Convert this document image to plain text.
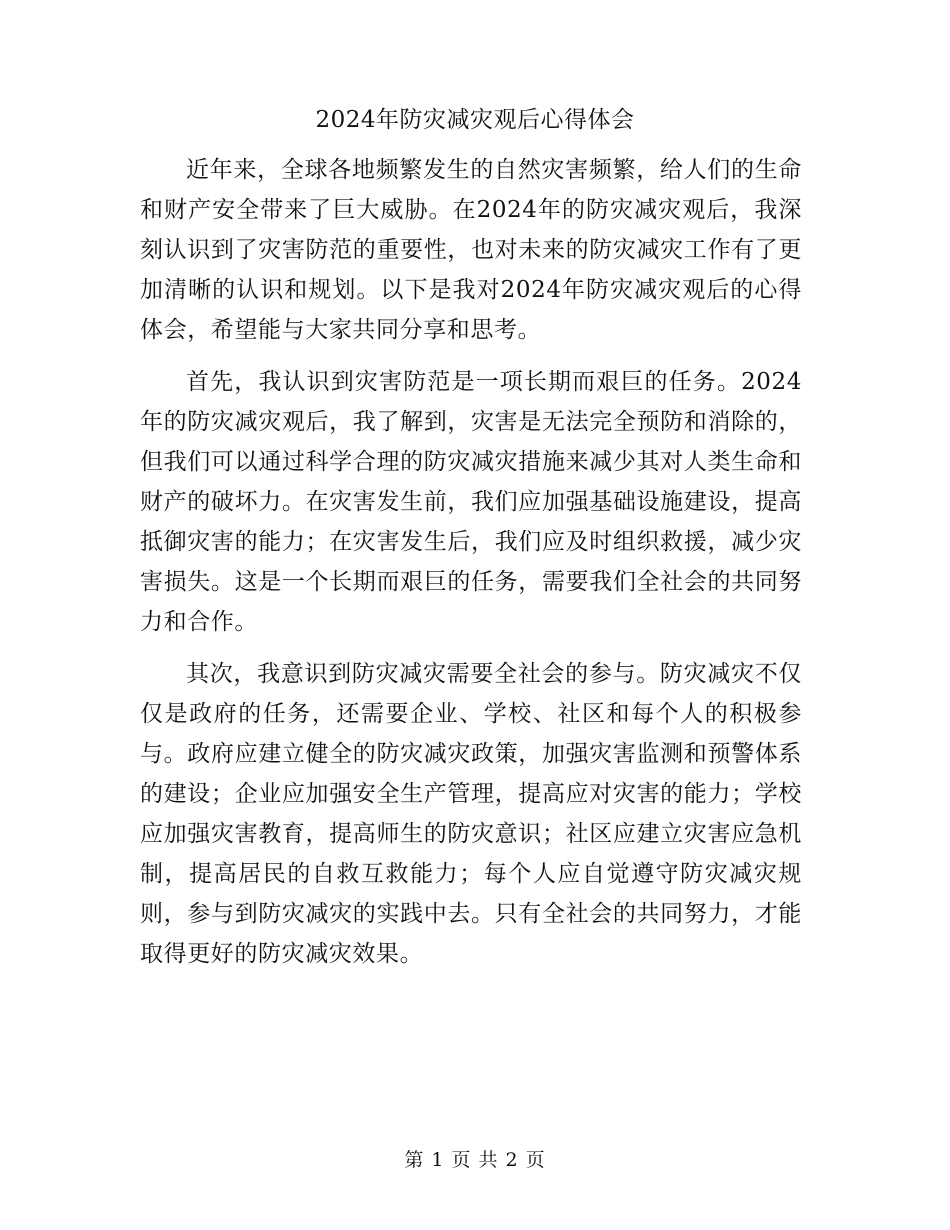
2024年防灾减灾观后心得体会

近年来，全球各地频繁发生的自然灾害频繁，给人们的生命和财产安全带来了巨大威胁。在2024年的防灾减灾观后，我深刻认识到了灾害防范的重要性，也对未来的防灾减灾工作有了更加清晰的认识和规划。以下是我对2024年防灾减灾观后的心得体会，希望能与大家共同分享和思考。

首先，我认识到灾害防范是一项长期而艰巨的任务。2024年的防灾减灾观后，我了解到，灾害是无法完全预防和消除的，但我们可以通过科学合理的防灾减灾措施来减少其对人类生命和财产的破坏力。在灾害发生前，我们应加强基础设施建设，提高抵御灾害的能力；在灾害发生后，我们应及时组织救援，减少灾害损失。这是一个长期而艰巨的任务，需要我们全社会的共同努力和合作。

其次，我意识到防灾减灾需要全社会的参与。防灾减灾不仅仅是政府的任务，还需要企业、学校、社区和每个人的积极参与。政府应建立健全的防灾减灾政策，加强灾害监测和预警体系的建设；企业应加强安全生产管理，提高应对灾害的能力；学校应加强灾害教育，提高师生的防灾意识；社区应建立灾害应急机制，提高居民的自救互救能力；每个人应自觉遵守防灾减灾规则，参与到防灾减灾的实践中去。只有全社会的共同努力，才能取得更好的防灾减灾效果。

第 1 页 共 2 页
